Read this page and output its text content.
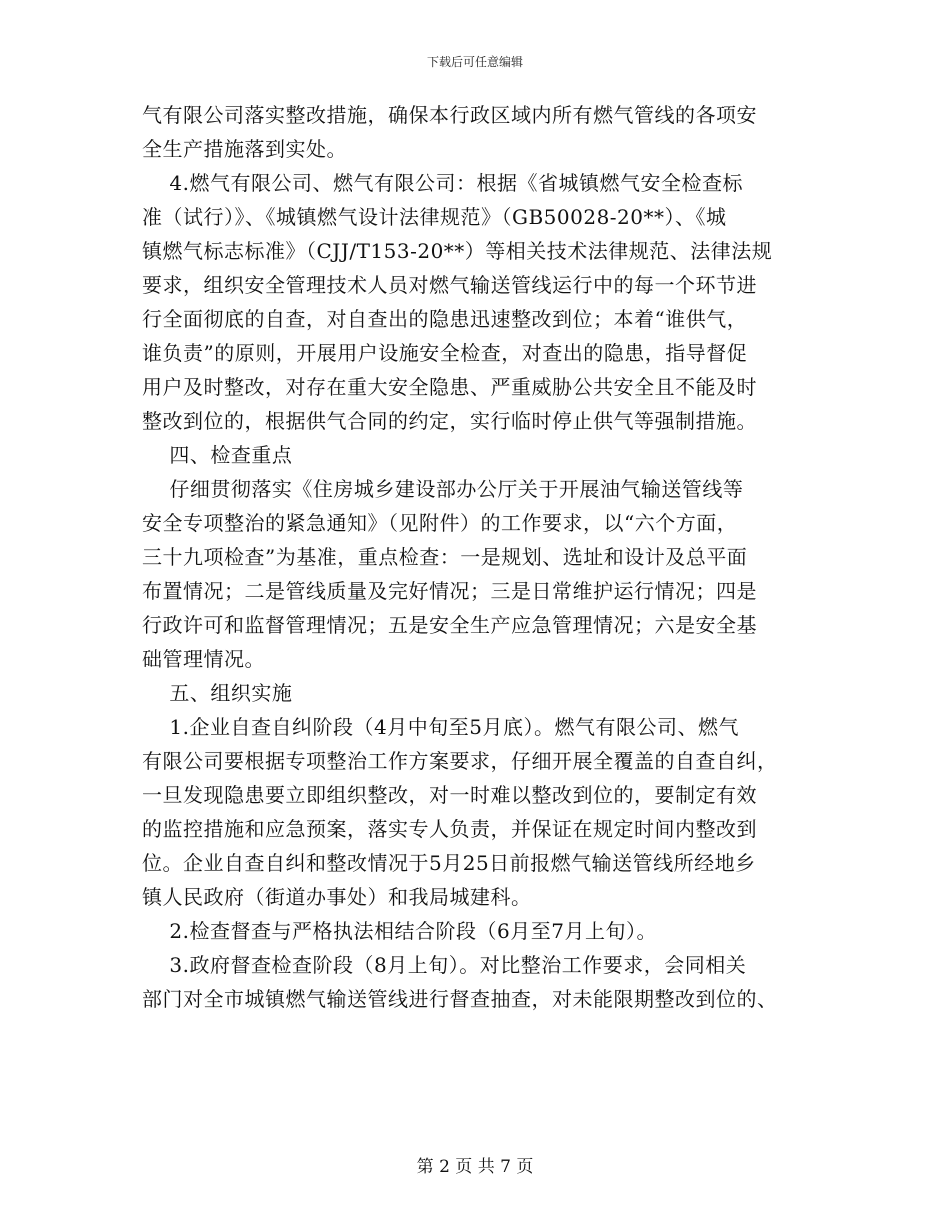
下载后可任意编辑
气有限公司落实整改措施，确保本行政区域内所有燃气管线的各项安
全生产措施落到实处。
4.燃气有限公司、燃气有限公司：根据《省城镇燃气安全检查标
准（试行）》、《城镇燃气设计法律规范》（GB50028-20**）、《城
镇燃气标志标准》（CJJ/T153-20**）等相关技术法律规范、法律法规
要求，组织安全管理技术人员对燃气输送管线运行中的每一个环节进
行全面彻底的自查，对自查出的隐患迅速整改到位；本着“谁供气，
谁负责”的原则，开展用户设施安全检查，对查出的隐患，指导督促
用户及时整改，对存在重大安全隐患、严重威胁公共安全且不能及时
整改到位的，根据供气合同的约定，实行临时停止供气等强制措施。
四、检查重点
仔细贯彻落实《住房城乡建设部办公厅关于开展油气输送管线等
安全专项整治的紧急通知》（见附件）的工作要求，以“六个方面，
三十九项检查”为基准，重点检查：一是规划、选址和设计及总平面
布置情况；二是管线质量及完好情况；三是日常维护运行情况；四是
行政许可和监督管理情况；五是安全生产应急管理情况；六是安全基
础管理情况。
五、组织实施
1.企业自查自纠阶段（4月中旬至5月底）。燃气有限公司、燃气
有限公司要根据专项整治工作方案要求，仔细开展全覆盖的自查自纠，
一旦发现隐患要立即组织整改，对一时难以整改到位的，要制定有效
的监控措施和应急预案，落实专人负责，并保证在规定时间内整改到
位。企业自查自纠和整改情况于5月25日前报燃气输送管线所经地乡
镇人民政府（街道办事处）和我局城建科。
2.检查督查与严格执法相结合阶段（6月至7月上旬）。
3.政府督查检查阶段（8月上旬）。对比整治工作要求，会同相关
部门对全市城镇燃气输送管线进行督查抽查，对未能限期整改到位的、
第 2 页 共 7 页
